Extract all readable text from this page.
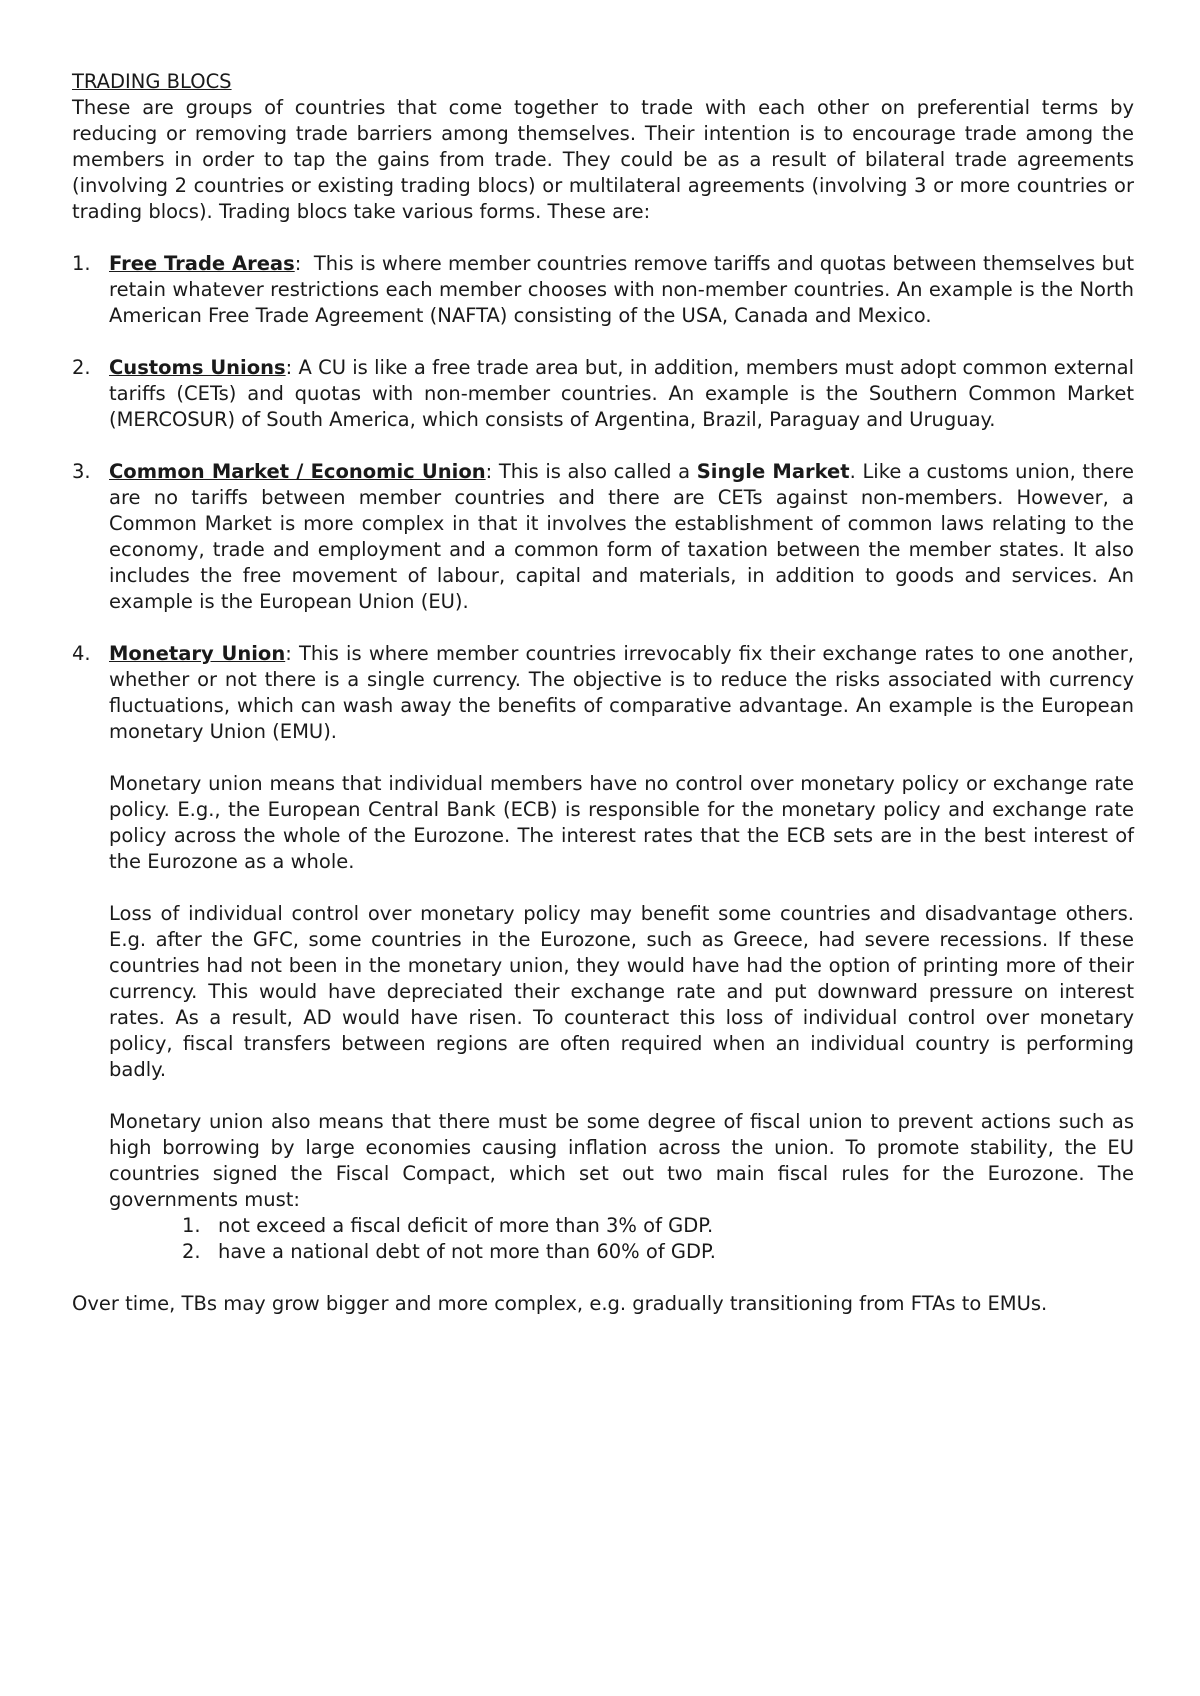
TRADING BLOCS

These are groups of countries that come together to trade with each other on preferential terms by reducing or removing trade barriers among themselves. Their intention is to encourage trade among the members in order to tap the gains from trade. They could be as a result of bilateral trade agreements (involving 2 countries or existing trading blocs) or multilateral agreements (involving 3 or more countries or trading blocs). Trading blocs take various forms. These are:

1. Free Trade Areas:  This is where member countries remove tariffs and quotas between themselves but retain whatever restrictions each member chooses with non-member countries. An example is the North American Free Trade Agreement (NAFTA) consisting of the USA, Canada and Mexico.

2. Customs Unions: A CU is like a free trade area but, in addition, members must adopt common external tariffs (CETs) and quotas with non-member countries. An example is the Southern Common Market (MERCOSUR) of South America, which consists of Argentina, Brazil, Paraguay and Uruguay.

3. Common Market / Economic Union: This is also called a Single Market. Like a customs union, there are no tariffs between member countries and there are CETs against non-members. However, a Common Market is more complex in that it involves the establishment of common laws relating to the economy, trade and employment and a common form of taxation between the member states. It also includes the free movement of labour, capital and materials, in addition to goods and services. An example is the European Union (EU).

4. Monetary Union: This is where member countries irrevocably fix their exchange rates to one another, whether or not there is a single currency. The objective is to reduce the risks associated with currency fluctuations, which can wash away the benefits of comparative advantage. An example is the European monetary Union (EMU).

Monetary union means that individual members have no control over monetary policy or exchange rate policy. E.g., the European Central Bank (ECB) is responsible for the monetary policy and exchange rate policy across the whole of the Eurozone. The interest rates that the ECB sets are in the best interest of the Eurozone as a whole.

Loss of individual control over monetary policy may benefit some countries and disadvantage others. E.g. after the GFC, some countries in the Eurozone, such as Greece, had severe recessions. If these countries had not been in the monetary union, they would have had the option of printing more of their currency. This would have depreciated their exchange rate and put downward pressure on interest rates. As a result, AD would have risen. To counteract this loss of individual control over monetary policy, fiscal transfers between regions are often required when an individual country is performing badly.

Monetary union also means that there must be some degree of fiscal union to prevent actions such as high borrowing by large economies causing inflation across the union. To promote stability, the EU countries signed the Fiscal Compact, which set out two main fiscal rules for the Eurozone. The governments must:

1. not exceed a fiscal deficit of more than 3% of GDP.
2. have a national debt of not more than 60% of GDP.

Over time, TBs may grow bigger and more complex, e.g. gradually transitioning from FTAs to EMUs.
